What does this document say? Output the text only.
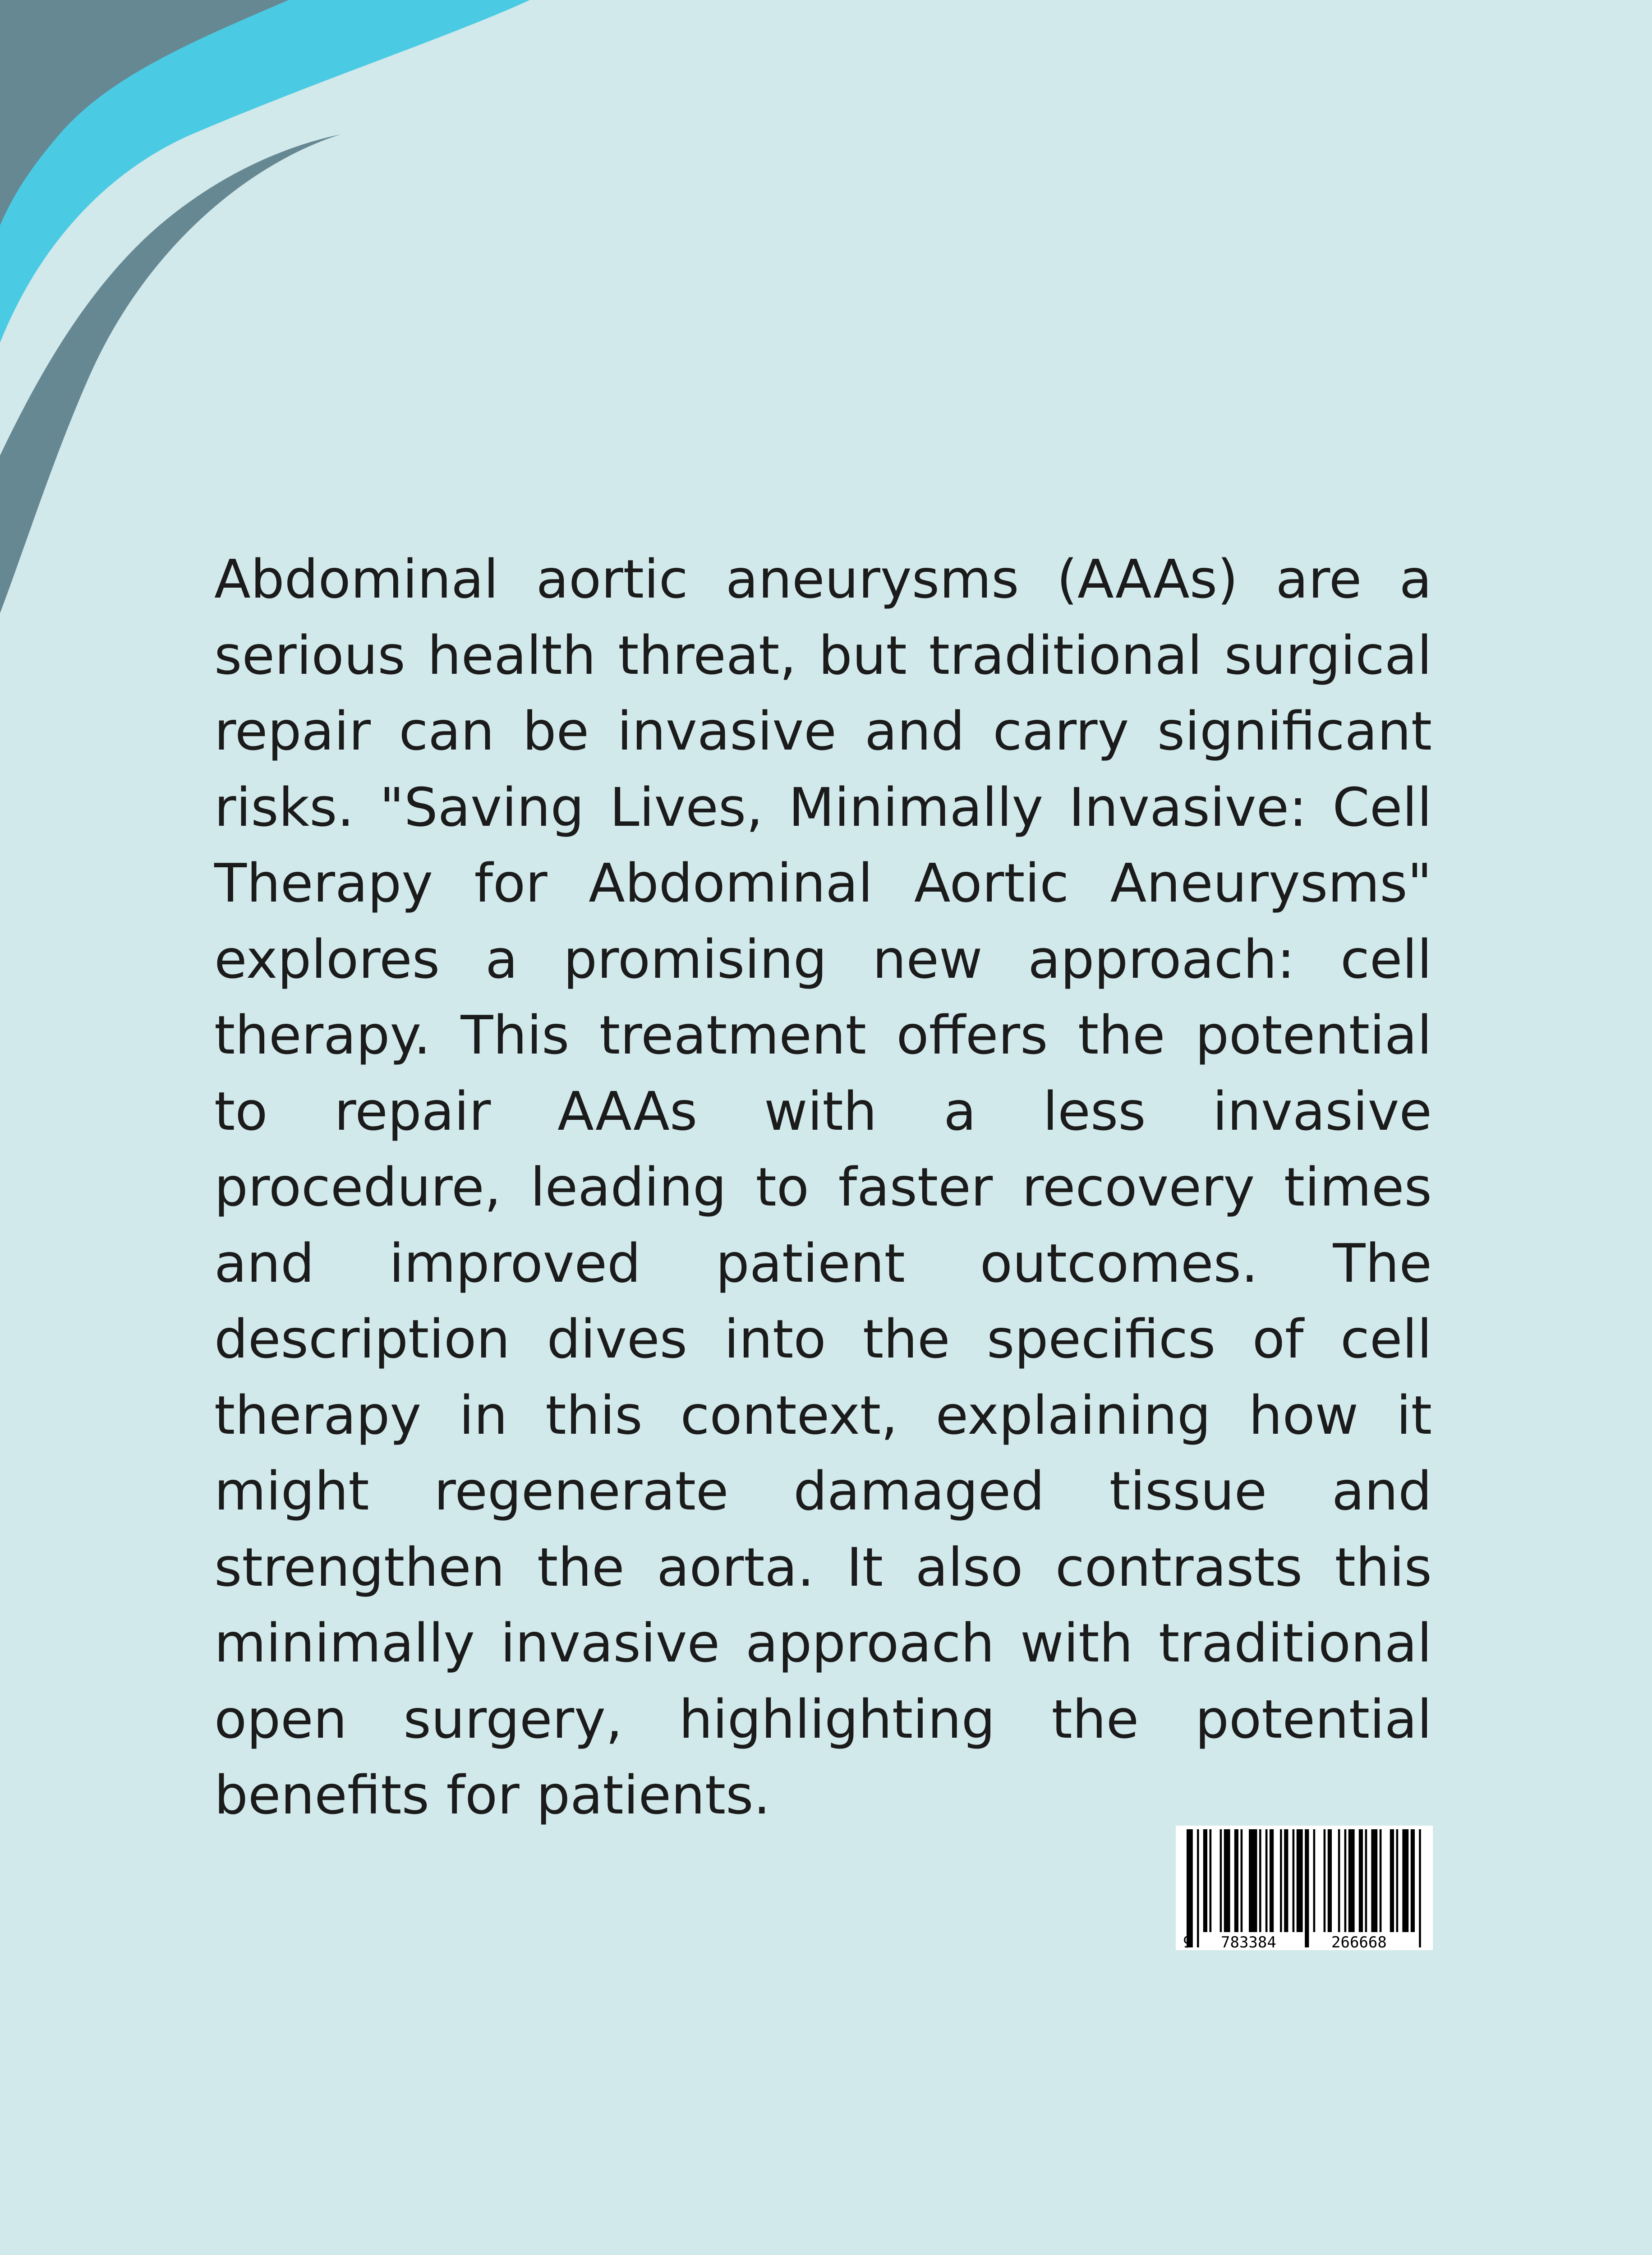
Abdominal aortic aneurysms (AAAs) are a serious health threat, but traditional surgical repair can be invasive and carry significant risks. "Saving Lives, Minimally Invasive: Cell Therapy for Abdominal Aortic Aneurysms" explores a promising new approach: cell therapy. This treatment offers the potential to repair AAAs with a less invasive procedure, leading to faster recovery times and improved patient outcomes. The description dives into the specifics of cell therapy in this context, explaining how it might regenerate damaged tissue and strengthen the aorta. It also contrasts this minimally invasive approach with traditional open surgery, highlighting the potential benefits for patients.

9 783384	266668
